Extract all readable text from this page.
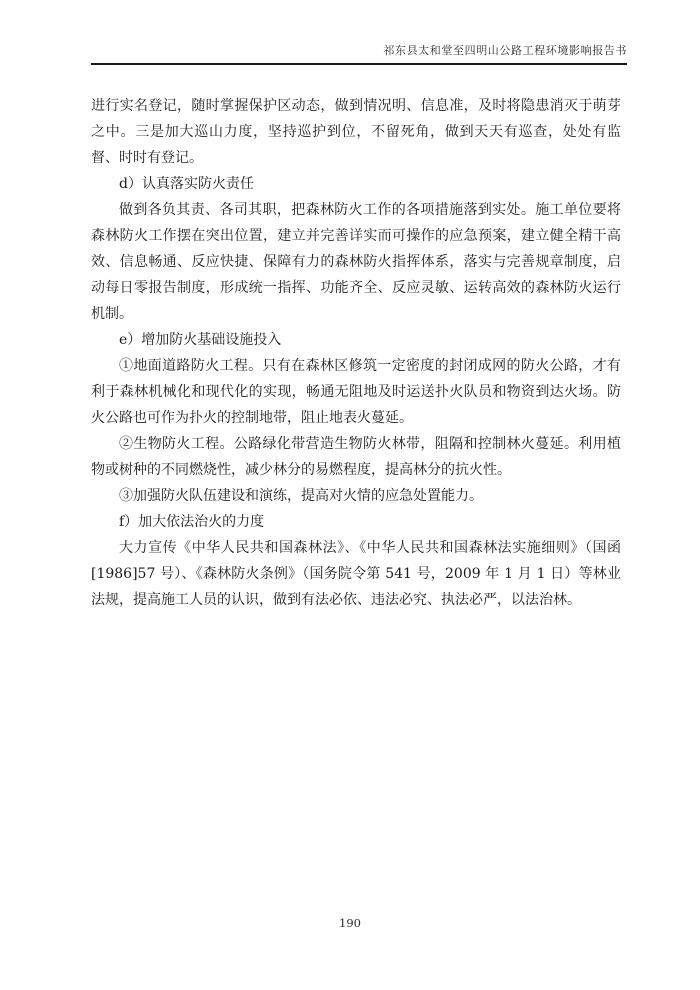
祁东县太和堂至四明山公路工程环境影响报告书

进行实名登记，随时掌握保护区动态，做到情况明、信息准，及时将隐患消灭于萌芽之中。三是加大巡山力度，坚持巡护到位，不留死角，做到天天有巡查，处处有监督、时时有登记。

d）认真落实防火责任

做到各负其责、各司其职，把森林防火工作的各项措施落到实处。施工单位要将森林防火工作摆在突出位置，建立并完善详实而可操作的应急预案，建立健全精干高效、信息畅通、反应快捷、保障有力的森林防火指挥体系，落实与完善规章制度，启动每日零报告制度，形成统一指挥、功能齐全、反应灵敏、运转高效的森林防火运行机制。

e）增加防火基础设施投入

①地面道路防火工程。只有在森林区修筑一定密度的封闭成网的防火公路，才有利于森林机械化和现代化的实现，畅通无阻地及时运送扑火队员和物资到达火场。防火公路也可作为扑火的控制地带，阻止地表火蔓延。

②生物防火工程。公路绿化带营造生物防火林带，阻隔和控制林火蔓延。利用植物或树种的不同燃烧性，减少林分的易燃程度，提高林分的抗火性。

③加强防火队伍建设和演练，提高对火情的应急处置能力。

f）加大依法治火的力度

大力宣传《中华人民共和国森林法》、《中华人民共和国森林法实施细则》（国函[1986]57 号）、《森林防火条例》（国务院令第 541 号，2009 年 1 月 1 日）等林业法规，提高施工人员的认识，做到有法必依、违法必究、执法必严，以法治林。

190
